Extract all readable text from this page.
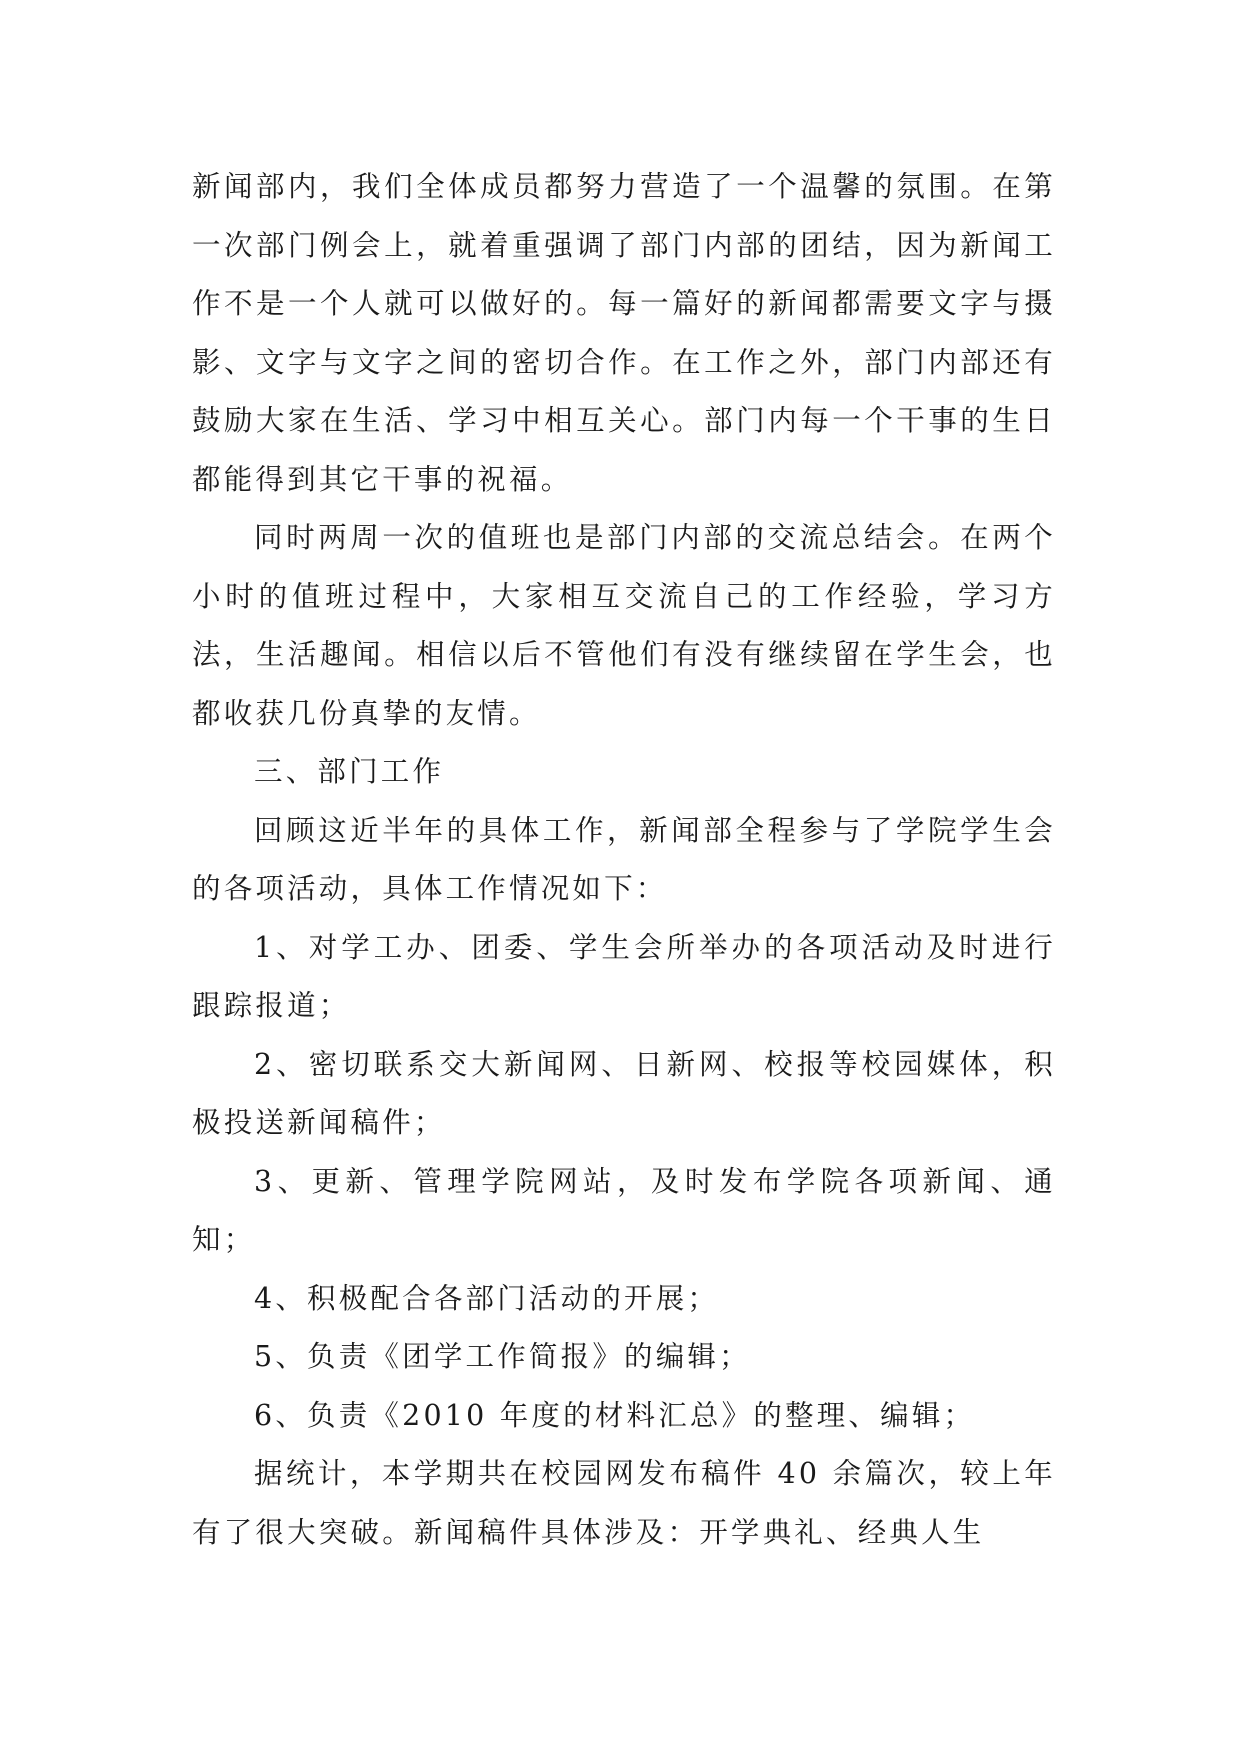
新闻部内，我们全体成员都努力营造了一个温馨的氛围。在第一次部门例会上，就着重强调了部门内部的团结，因为新闻工作不是一个人就可以做好的。每一篇好的新闻都需要文字与摄影、文字与文字之间的密切合作。在工作之外，部门内部还有鼓励大家在生活、学习中相互关心。部门内每一个干事的生日都能得到其它干事的祝福。

同时两周一次的值班也是部门内部的交流总结会。在两个小时的值班过程中，大家相互交流自己的工作经验，学习方法，生活趣闻。相信以后不管他们有没有继续留在学生会，也都收获几份真挚的友情。

三、部门工作

回顾这近半年的具体工作，新闻部全程参与了学院学生会的各项活动，具体工作情况如下：

1、对学工办、团委、学生会所举办的各项活动及时进行跟踪报道；

2、密切联系交大新闻网、日新网、校报等校园媒体，积极投送新闻稿件；

3、更新、管理学院网站，及时发布学院各项新闻、通知；

4、积极配合各部门活动的开展；

5、负责《团学工作简报》的编辑；

6、负责《2010 年度的材料汇总》的整理、编辑；

据统计，本学期共在校园网发布稿件 40 余篇次，较上年有了很大突破。新闻稿件具体涉及：开学典礼、经典人生
